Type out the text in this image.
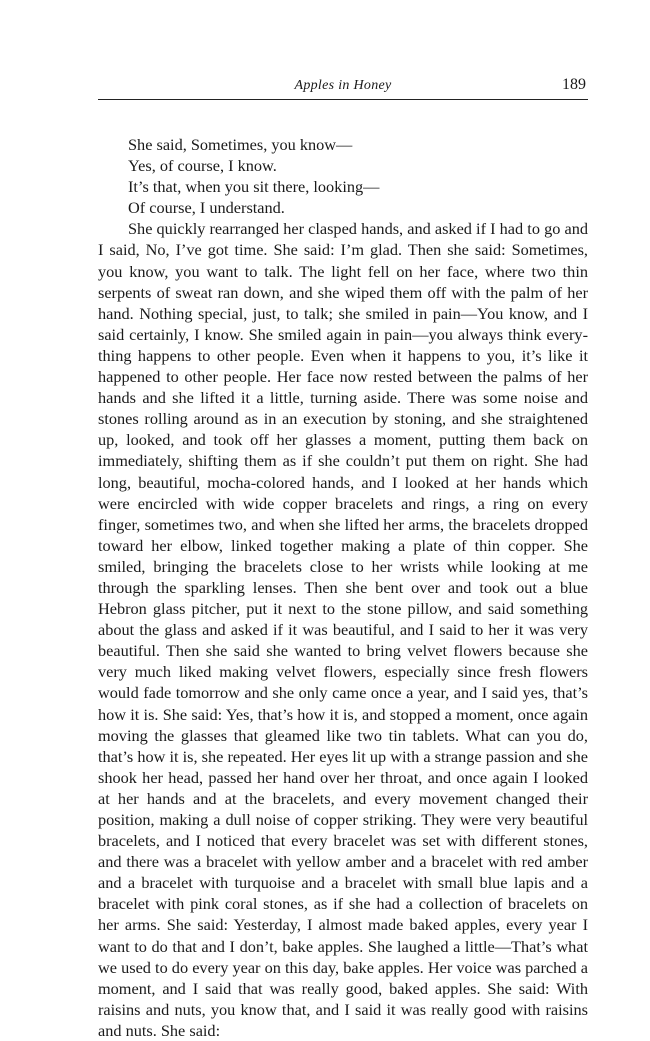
Apples in Honey	189

She said, Sometimes, you know—

Yes, of course, I know.

It’s that, when you sit there, looking—

Of course, I understand.

She quickly rearranged her clasped hands, and asked if I had to go and I said, No, I’ve got time. She said: I’m glad. Then she said: Sometimes, you know, you want to talk. The light fell on her face, where two thin serpents of sweat ran down, and she wiped them off with the palm of her hand. Nothing special, just, to talk; she smiled in pain—You know, and I said certainly, I know. She smiled again in pain—you always think everything happens to other people. Even when it happens to you, it’s like it happened to other people. Her face now rested between the palms of her hands and she lifted it a little, turning aside. There was some noise and stones rolling around as in an execution by stoning, and she straightened up, looked, and took off her glasses a moment, putting them back on immediately, shifting them as if she couldn’t put them on right. She had long, beautiful, mocha-colored hands, and I looked at her hands which were encircled with wide copper bracelets and rings, a ring on every finger, sometimes two, and when she lifted her arms, the bracelets dropped toward her elbow, linked together making a plate of thin copper. She smiled, bringing the bracelets close to her wrists while looking at me through the sparkling lenses. Then she bent over and took out a blue Hebron glass pitcher, put it next to the stone pillow, and said something about the glass and asked if it was beautiful, and I said to her it was very beautiful. Then she said she wanted to bring velvet flowers because she very much liked making velvet flowers, especially since fresh flowers would fade tomorrow and she only came once a year, and I said yes, that’s how it is. She said: Yes, that’s how it is, and stopped a moment, once again moving the glasses that gleamed like two tin tablets. What can you do, that’s how it is, she repeated. Her eyes lit up with a strange passion and she shook her head, passed her hand over her throat, and once again I looked at her hands and at the bracelets, and every movement changed their position, making a dull noise of copper striking. They were very beautiful bracelets, and I noticed that every bracelet was set with different stones, and there was a bracelet with yellow amber and a bracelet with red amber and a bracelet with turquoise and a bracelet with small blue lapis and a bracelet with pink coral stones, as if she had a collection of bracelets on her arms. She said: Yesterday, I almost made baked apples, every year I want to do that and I don’t, bake apples. She laughed a little—That’s what we used to do every year on this day, bake apples. Her voice was parched a moment, and I said that was really good, baked apples. She said: With raisins and nuts, you know that, and I said it was really good with raisins and nuts. She said:
